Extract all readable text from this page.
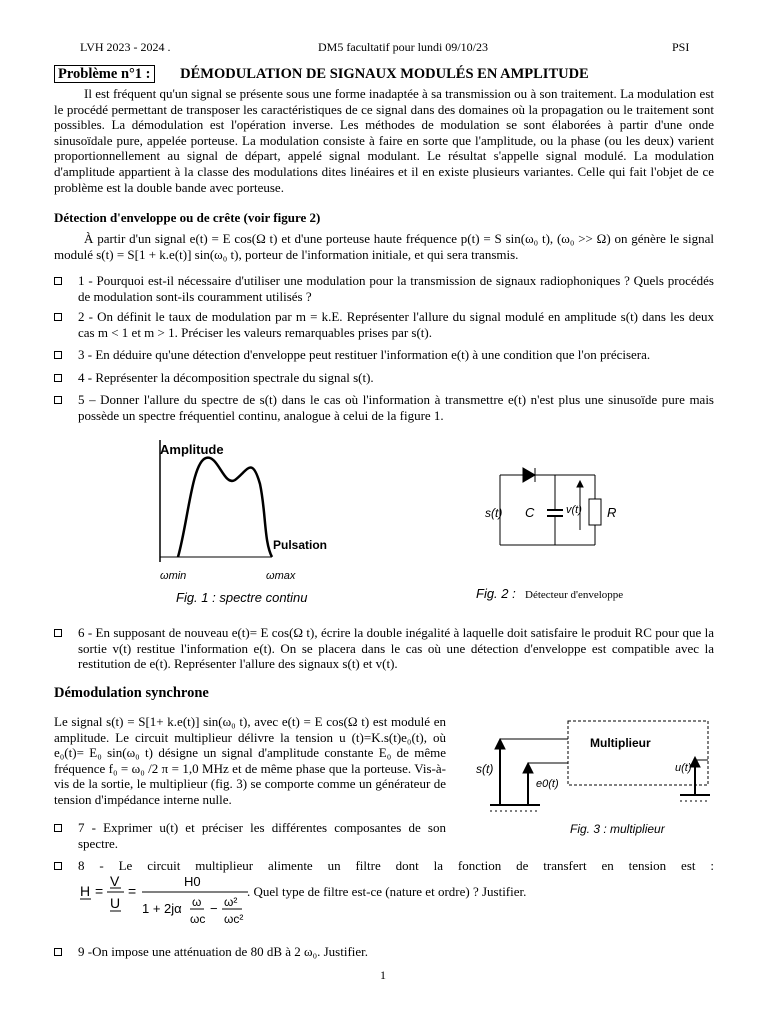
LVH 2023 - 2024 .	DM5 facultatif pour lundi 09/10/23	PSI
Problème n°1 : DÉMODULATION DE SIGNAUX MODULÉS EN AMPLITUDE
Il est fréquent qu'un signal se présente sous une forme inadaptée à sa transmission ou à son traitement. La modulation est le procédé permettant de transposer les caractéristiques de ce signal dans des domaines où la propagation ou le traitement sont possibles. La démodulation est l'opération inverse. Les méthodes de modulation se sont élaborées à partir d'une onde sinusoïdale pure, appelée porteuse. La modulation consiste à faire en sorte que l'amplitude, ou la phase (ou les deux) varient proportionnellement au signal de départ, appelé signal modulant. Le résultat s'appelle signal modulé. La modulation d'amplitude appartient à la classe des modulations dites linéaires et il en existe plusieurs variantes. Celle qui fait l'objet de ce problème est la double bande avec porteuse.
Détection d'enveloppe ou de crête (voir figure 2)
À partir d'un signal e(t) = E cos(Ω t) et d'une porteuse haute fréquence p(t) = S sin(ω₀ t), (ω₀ >> Ω) on génère le signal modulé s(t) = S[1 + k.e(t)] sin(ω₀ t), porteur de l'information initiale, et qui sera transmis.
1 - Pourquoi est-il nécessaire d'utiliser une modulation pour la transmission de signaux radiophoniques ? Quels procédés de modulation sont-ils couramment utilisés ?
2 - On définit le taux de modulation par m = k.E. Représenter l'allure du signal modulé en amplitude s(t) dans les deux cas m < 1 et m > 1. Préciser les valeurs remarquables prises par s(t).
3 - En déduire qu'une détection d'enveloppe peut restituer l'information e(t) à une condition que l'on précisera.
4 - Représenter la décomposition spectrale du signal s(t).
5 – Donner l'allure du spectre de s(t) dans le cas où l'information à transmettre e(t) n'est plus une sinusoïde pure mais possède un spectre fréquentiel continu, analogue à celui de la figure 1.
Amplitude
Pulsation
ωmin	ωmax
Fig. 1 : spectre continu
s(t) C	v(t) R
Fig. 2 : Détecteur d'enveloppe
6 - En supposant de nouveau e(t)= E cos(Ω t), écrire la double inégalité à laquelle doit satisfaire le produit RC pour que la sortie v(t) restitue l'information e(t). On se placera dans le cas où une détection d'enveloppe est compatible avec la restitution de e(t). Représenter l'allure des signaux s(t) et v(t).
Démodulation synchrone
Le signal s(t) = S[1+ k.e(t)] sin(ω₀ t), avec e(t) = E cos(Ω t) est modulé en amplitude. Le circuit multiplieur délivre la tension u (t)=K.s(t)e₀(t), où e₀(t)= E₀ sin(ω₀ t) désigne un signal d'amplitude constante E₀ de même fréquence f₀ = ω₀ /2 π = 1,0 MHz et de même phase que la porteuse. Vis-à-vis de la sortie, le multiplieur (fig. 3) se comporte comme un générateur de tension d'impédance interne nulle.
Multiplieur
s(t)
e0(t)
u(t)
Fig. 3 : multiplieur
7 - Exprimer u(t) et préciser les différentes composantes de son spectre.
8 - Le circuit multiplieur alimente un filtre dont la fonction de transfert en tension est :
H =
V
U
=
H0
1 + 2jα ω
ωc
− ω²
ωc²
. Quel type de filtre est-ce (nature et ordre) ? Justifier.
9 -On impose une atténuation de 80 dB à 2 ω₀. Justifier.
1
